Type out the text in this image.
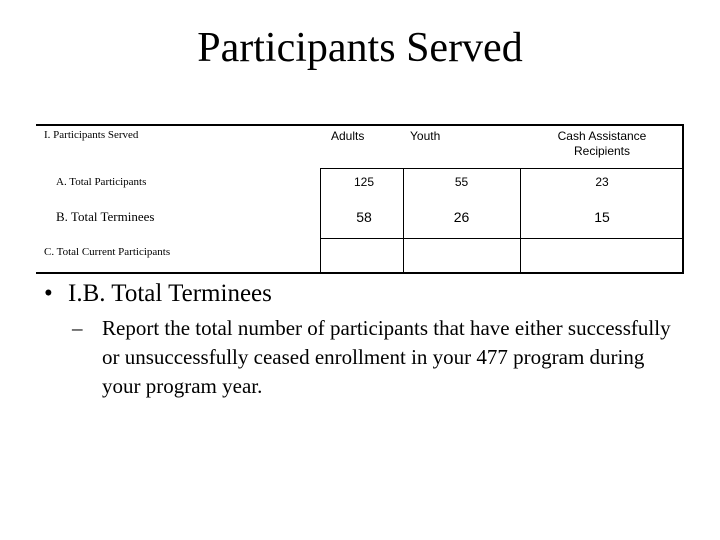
Participants Served
I. Participants Served	Adults	Youth	Cash Assistance
Recipients
A. Total Participants	125	55	23
B. Total Terminees	58	26	15
C. Total Current Participants
• I.B. Total Terminees
– Report the total number of participants that have either successfully or unsuccessfully ceased enrollment in your 477 program during your program year.
